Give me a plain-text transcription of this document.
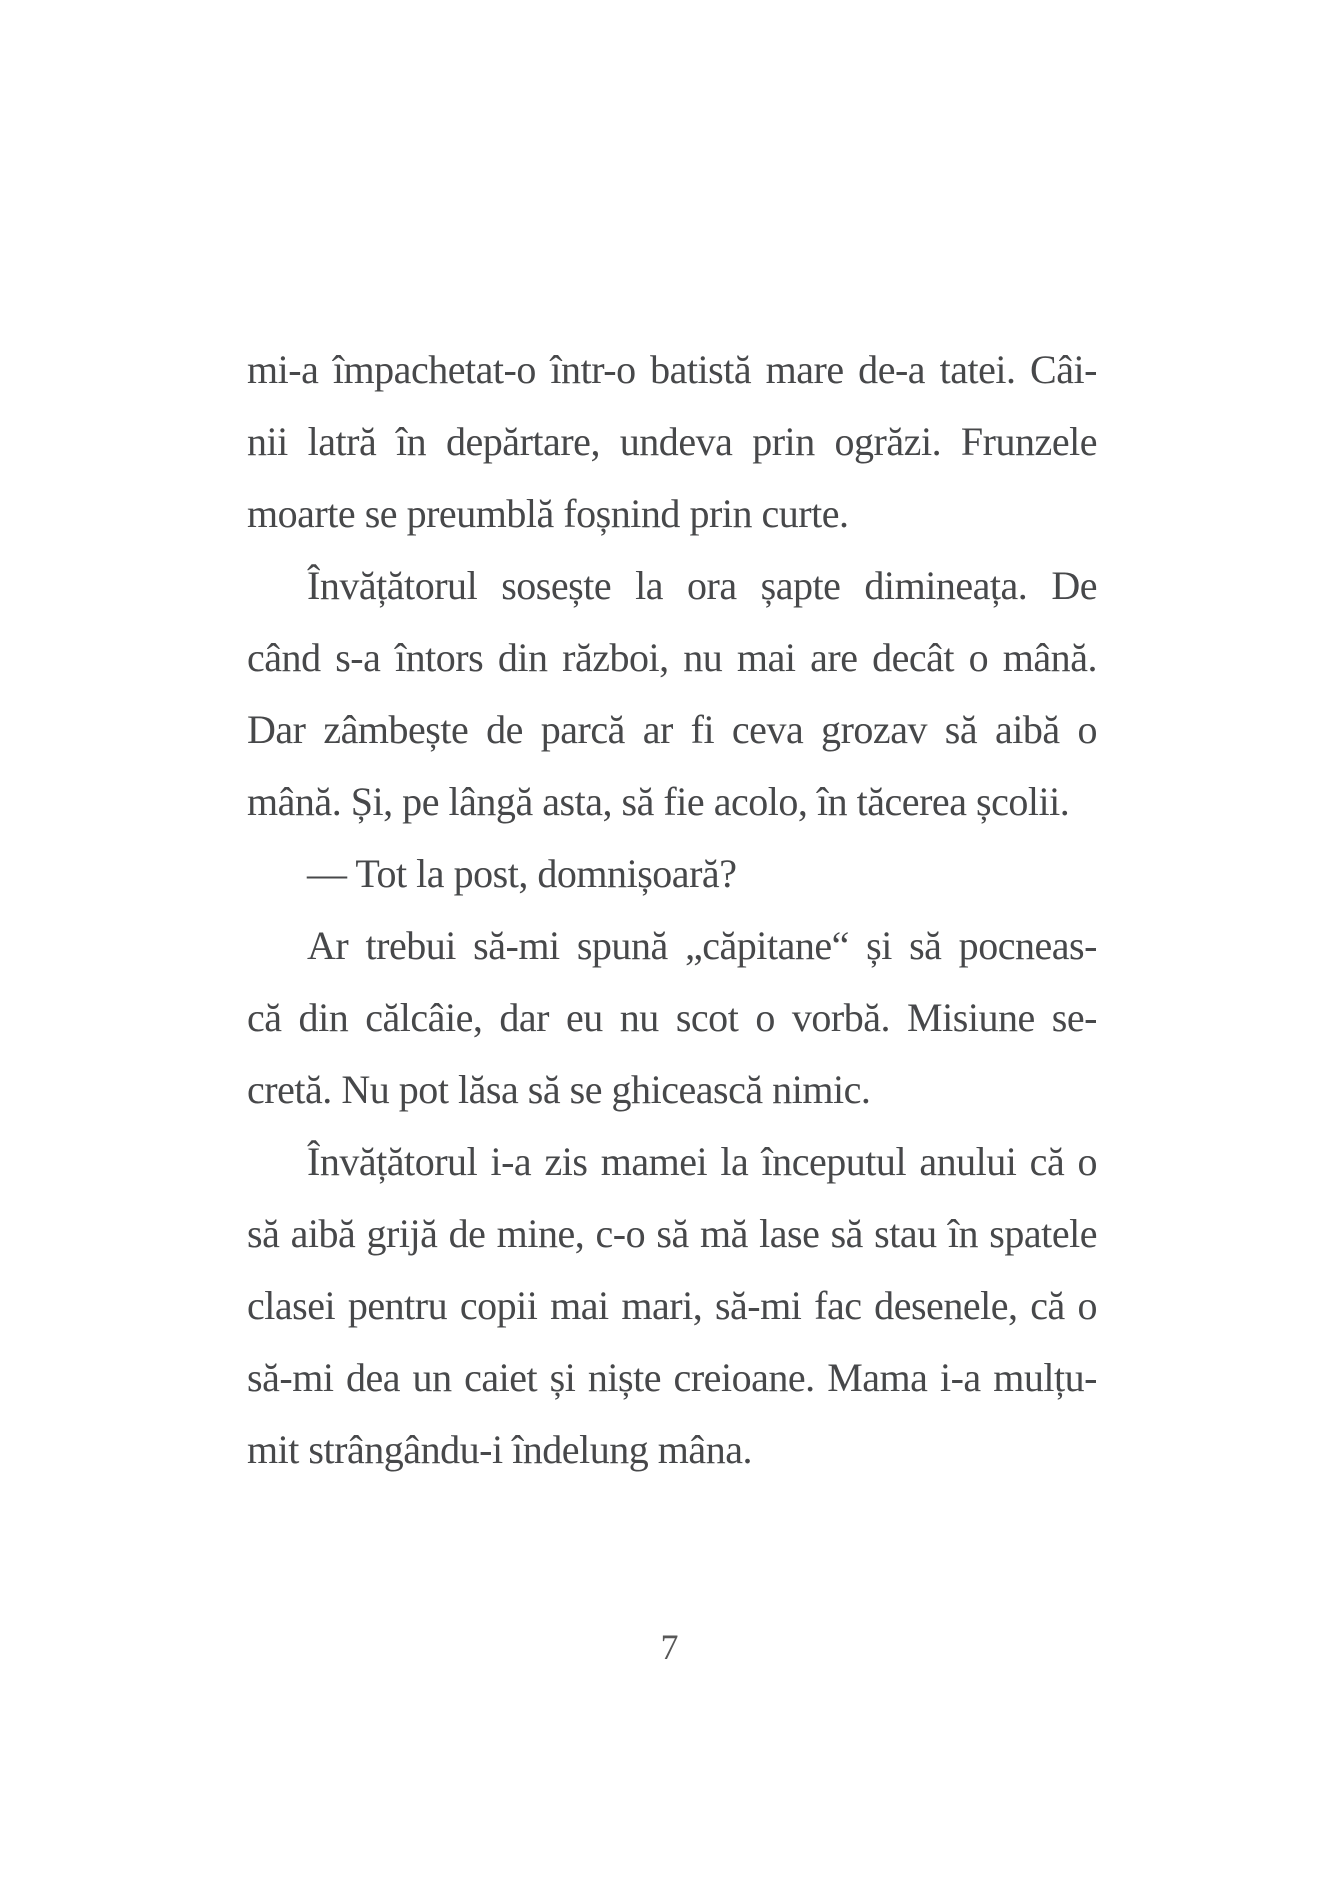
mi-a împachetat-o într-o batistă mare de-a tatei. Câi-
nii latră în depărtare, undeva prin ogrăzi. Frunzele
moarte se preumblă foșnind prin curte.
Învățătorul sosește la ora șapte dimineața. De
când s-a întors din război, nu mai are decât o mână.
Dar zâmbește de parcă ar fi ceva grozav să aibă o
mână. Și, pe lângă asta, să fie acolo, în tăcerea școlii.
— Tot la post, domnișoară?
Ar trebui să-mi spună „căpitane“ și să pocneas-
că din călcâie, dar eu nu scot o vorbă. Misiune se-
cretă. Nu pot lăsa să se ghicească nimic.
Învățătorul i-a zis mamei la începutul anului că o
să aibă grijă de mine, c-o să mă lase să stau în spatele
clasei pentru copii mai mari, să-mi fac desenele, că o
să-mi dea un caiet și niște creioane. Mama i-a mulțu-
mit strângându-i îndelung mâna.
7
